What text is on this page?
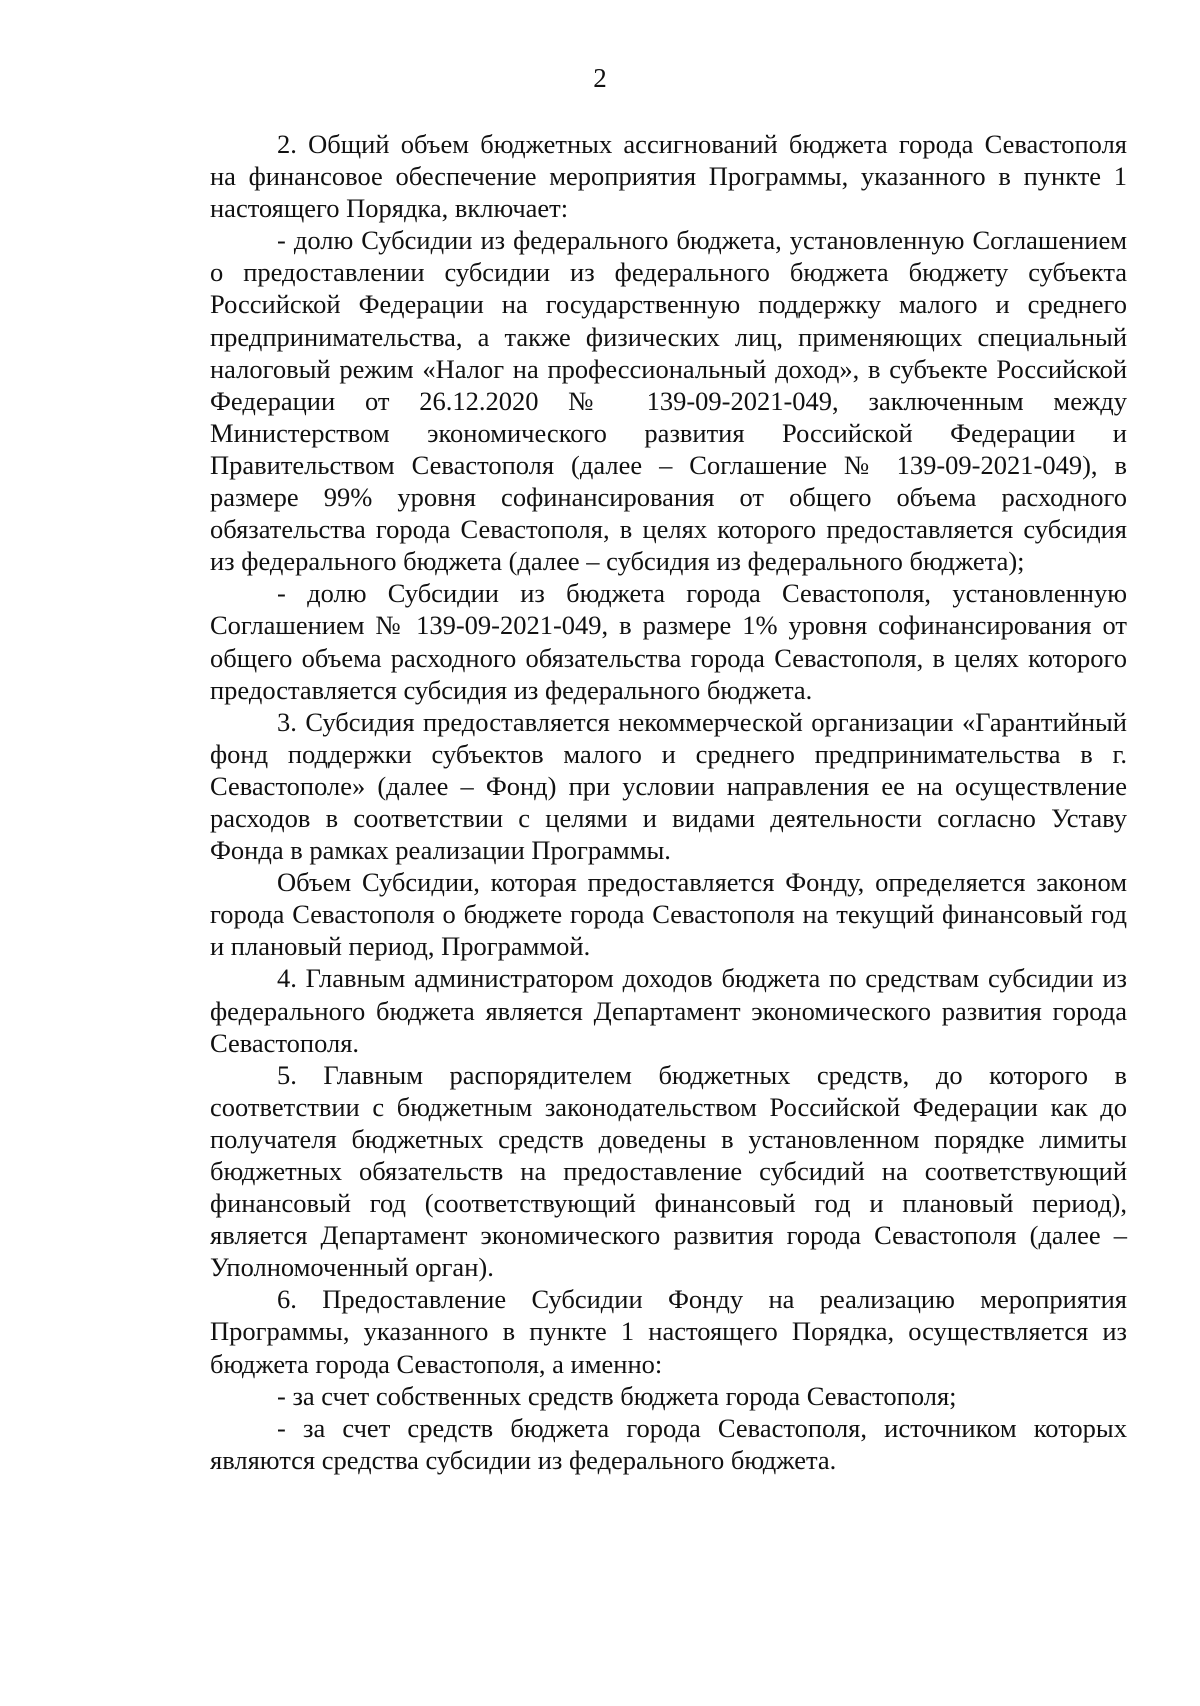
2

2. Общий объем бюджетных ассигнований бюджета города Севастополя на финансовое обеспечение мероприятия Программы, указанного в пункте 1 настоящего Порядка, включает:

- долю Субсидии из федерального бюджета, установленную Соглашением о предоставлении субсидии из федерального бюджета бюджету субъекта Российской Федерации на государственную поддержку малого и среднего предпринимательства, а также физических лиц, применяющих специальный налоговый режим «Налог на профессиональный доход», в субъекте Российской Федерации от 26.12.2020 № 139-09-2021-049, заключенным между Министерством экономического развития Российской Федерации и Правительством Севастополя (далее – Соглашение № 139-09-2021-049), в размере 99% уровня софинансирования от общего объема расходного обязательства города Севастополя, в целях которого предоставляется субсидия из федерального бюджета (далее – субсидия из федерального бюджета);

- долю Субсидии из бюджета города Севастополя, установленную Соглашением № 139-09-2021-049, в размере 1% уровня софинансирования от общего объема расходного обязательства города Севастополя, в целях которого предоставляется субсидия из федерального бюджета.

3. Субсидия предоставляется некоммерческой организации «Гарантийный фонд поддержки субъектов малого и среднего предпринимательства в г. Севастополе» (далее – Фонд) при условии направления ее на осуществление расходов в соответствии с целями и видами деятельности согласно Уставу Фонда в рамках реализации Программы.

Объем Субсидии, которая предоставляется Фонду, определяется законом города Севастополя о бюджете города Севастополя на текущий финансовый год и плановый период, Программой.

4. Главным администратором доходов бюджета по средствам субсидии из федерального бюджета является Департамент экономического развития города Севастополя.

5. Главным распорядителем бюджетных средств, до которого в соответствии с бюджетным законодательством Российской Федерации как до получателя бюджетных средств доведены в установленном порядке лимиты бюджетных обязательств на предоставление субсидий на соответствующий финансовый год (соответствующий финансовый год и плановый период), является Департамент экономического развития города Севастополя (далее – Уполномоченный орган).

6. Предоставление Субсидии Фонду на реализацию мероприятия Программы, указанного в пункте 1 настоящего Порядка, осуществляется из бюджета города Севастополя, а именно:

- за счет собственных средств бюджета города Севастополя;

- за счет средств бюджета города Севастополя, источником которых являются средства субсидии из федерального бюджета.
